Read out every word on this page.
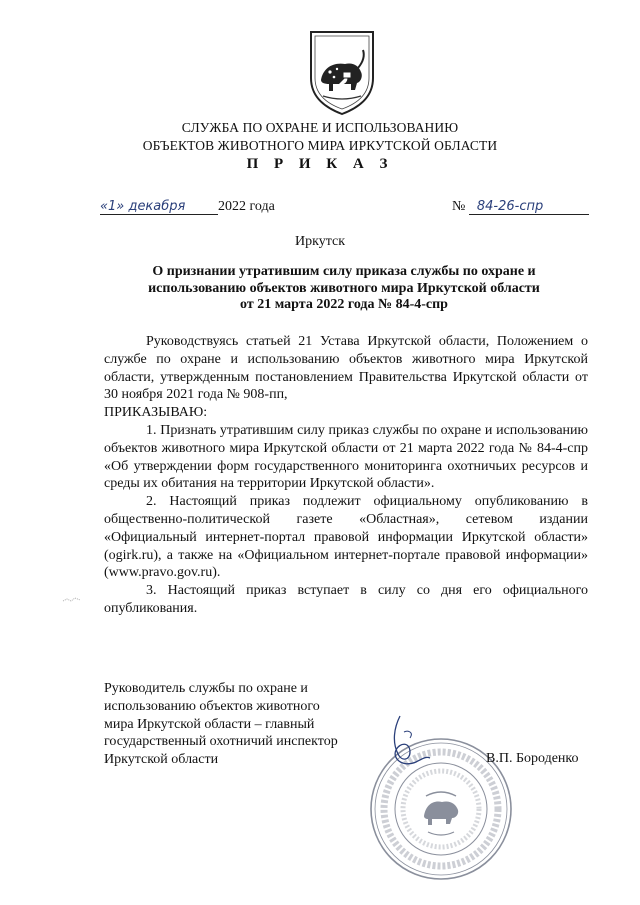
СЛУЖБА ПО ОХРАНЕ И ИСПОЛЬЗОВАНИЮ
ОБЪЕКТОВ ЖИВОТНОГО МИРА ИРКУТСКОЙ ОБЛАСТИ
П Р И К А З
«1» декабря 2022 года	№ 84-26-спр
Иркутск
О признании утратившим силу приказа службы по охране и
использованию объектов животного мира Иркутской области
от 21 марта 2022 года № 84-4-спр

Руководствуясь статьей 21 Устава Иркутской области, Положением о службе по охране и использованию объектов животного мира Иркутской области, утвержденным постановлением Правительства Иркутской области от 30 ноября 2021 года № 908-пп,

ПРИКАЗЫВАЮ:

1. Признать утратившим силу приказ службы по охране и использованию объектов животного мира Иркутской области от 21 марта 2022 года № 84-4-спр «Об утверждении форм государственного мониторинга охотничьих ресурсов и среды их обитания на территории Иркутской области».

2. Настоящий приказ подлежит официальному опубликованию в общественно-политической газете «Областная», сетевом издании «Официальный интернет-портал правовой информации Иркутской области» (ogirk.ru), а также на «Официальном интернет-портале правовой информации» (www.pravo.gov.ru).

3. Настоящий приказ вступает в силу со дня его официального опубликования.

Руководитель службы по охране и
использованию объектов животного
мира Иркутской области – главный
государственный охотничий инспектор
Иркутской области	В.П. Бороденко
